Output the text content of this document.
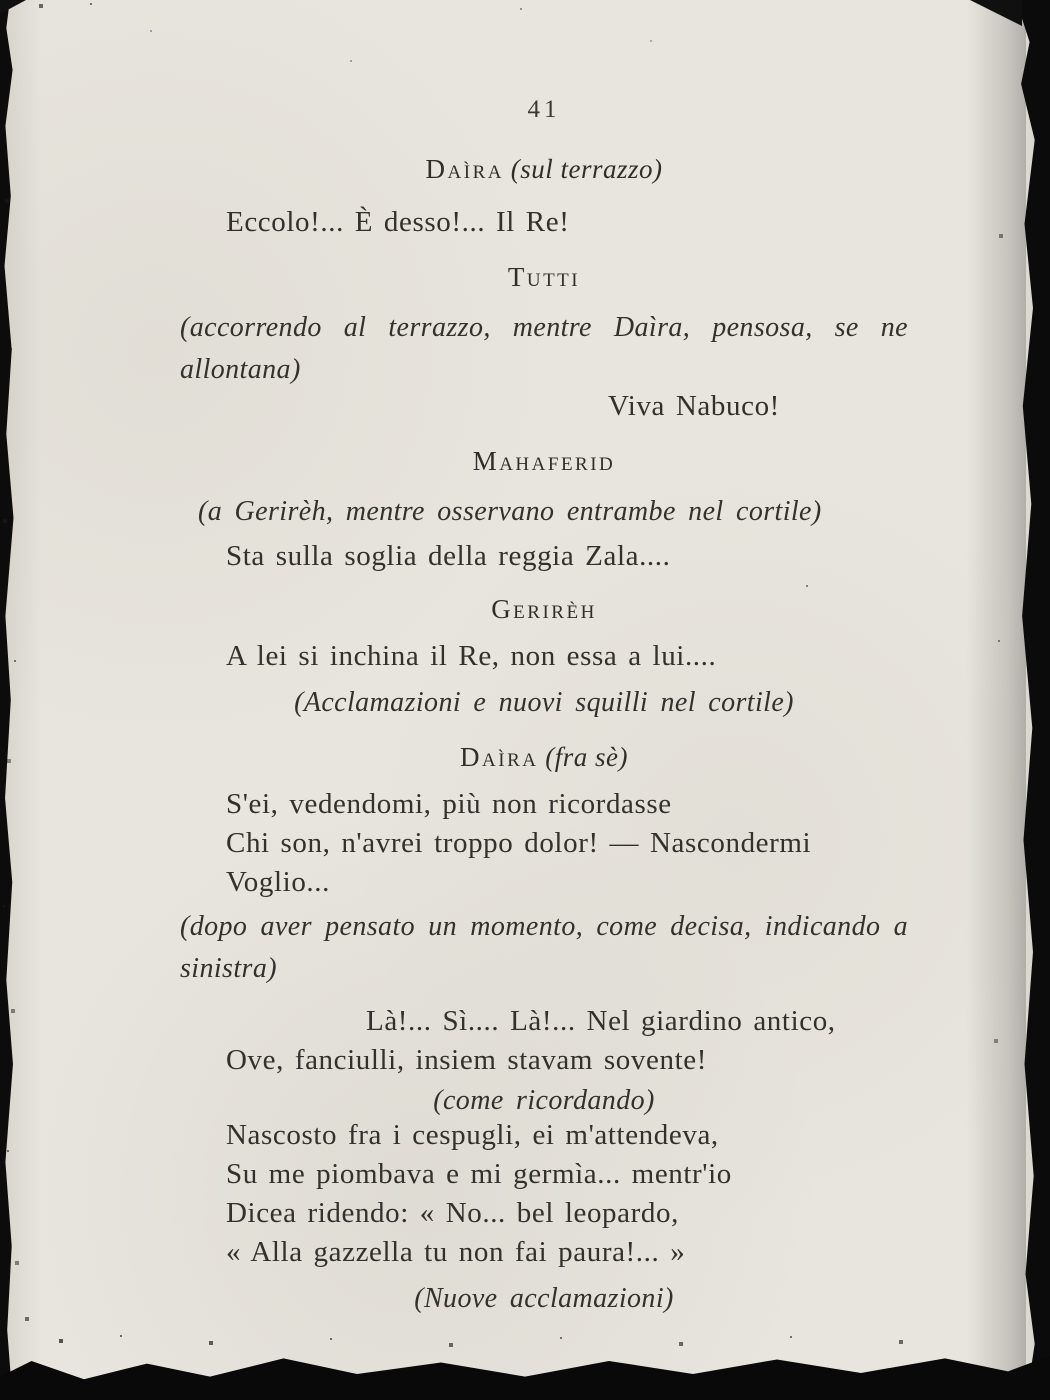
41
Daìra (sul terrazzo)

Eccolo!... È desso!... Il Re!

Tutti

(accorrendo al terrazzo, mentre Daìra, pensosa, se ne allontana)

Viva Nabuco!

Mahaferid

(a Gerirèh, mentre osservano entrambe nel cortile)

Sta sulla soglia della reggia Zala....

Gerirèh

A lei si inchina il Re, non essa a lui....

(Acclamazioni e nuovi squilli nel cortile)

Daìra (fra sè)

S'ei, vedendomi, più non ricordasse

Chi son, n'avrei troppo dolor! — Nascondermi

Voglio...

(dopo aver pensato un momento, come decisa, indicando a sinistra)

Là!... Sì.... Là!... Nel giardino antico,

Ove, fanciulli, insiem stavam sovente!

(come ricordando)

Nascosto fra i cespugli, ei m'attendeva,

Su me piombava e mi germìa... mentr'io

Dicea ridendo: « No... bel leopardo,

« Alla gazzella tu non fai paura!... »

(Nuove acclamazioni)
